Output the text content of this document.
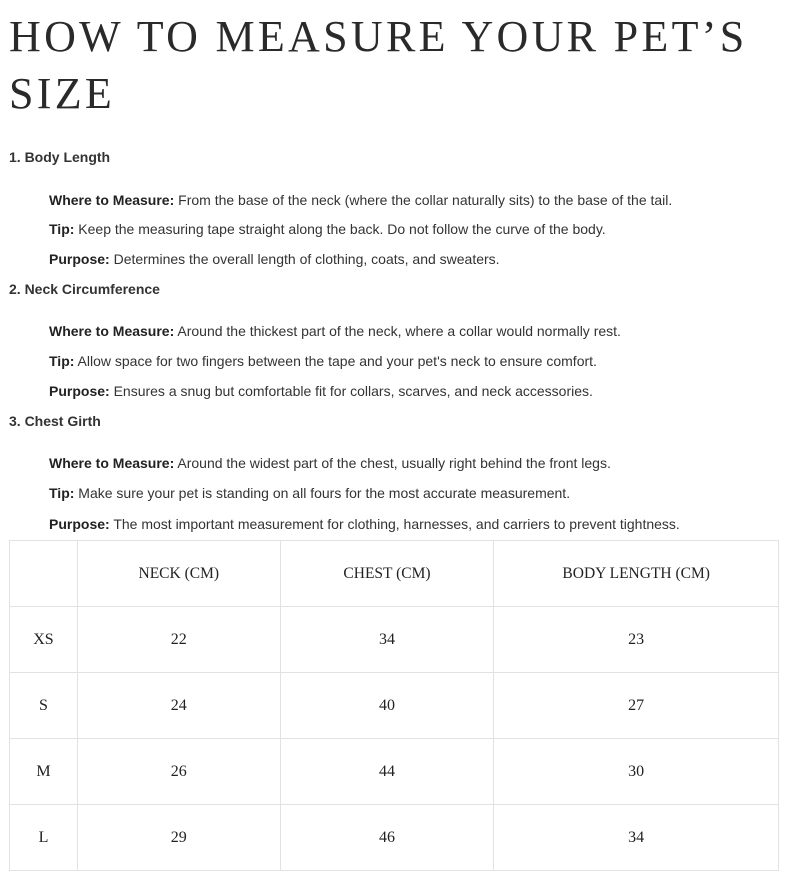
HOW TO MEASURE YOUR PET’S SIZE

1. Body Length

Where to Measure: From the base of the neck (where the collar naturally sits) to the base of the tail.
Tip: Keep the measuring tape straight along the back. Do not follow the curve of the body.
Purpose: Determines the overall length of clothing, coats, and sweaters.

2. Neck Circumference

Where to Measure: Around the thickest part of the neck, where a collar would normally rest.
Tip: Allow space for two fingers between the tape and your pet's neck to ensure comfort.
Purpose: Ensures a snug but comfortable fit for collars, scarves, and neck accessories.

3. Chest Girth

Where to Measure: Around the widest part of the chest, usually right behind the front legs.
Tip: Make sure your pet is standing on all fours for the most accurate measurement.
Purpose: The most important measurement for clothing, harnesses, and carriers to prevent tightness.
	NECK (CM)	CHEST (CM)	BODY LENGTH (CM)
XS	22	34	23
S	24	40	27
M	26	44	30
L	29	46	34
